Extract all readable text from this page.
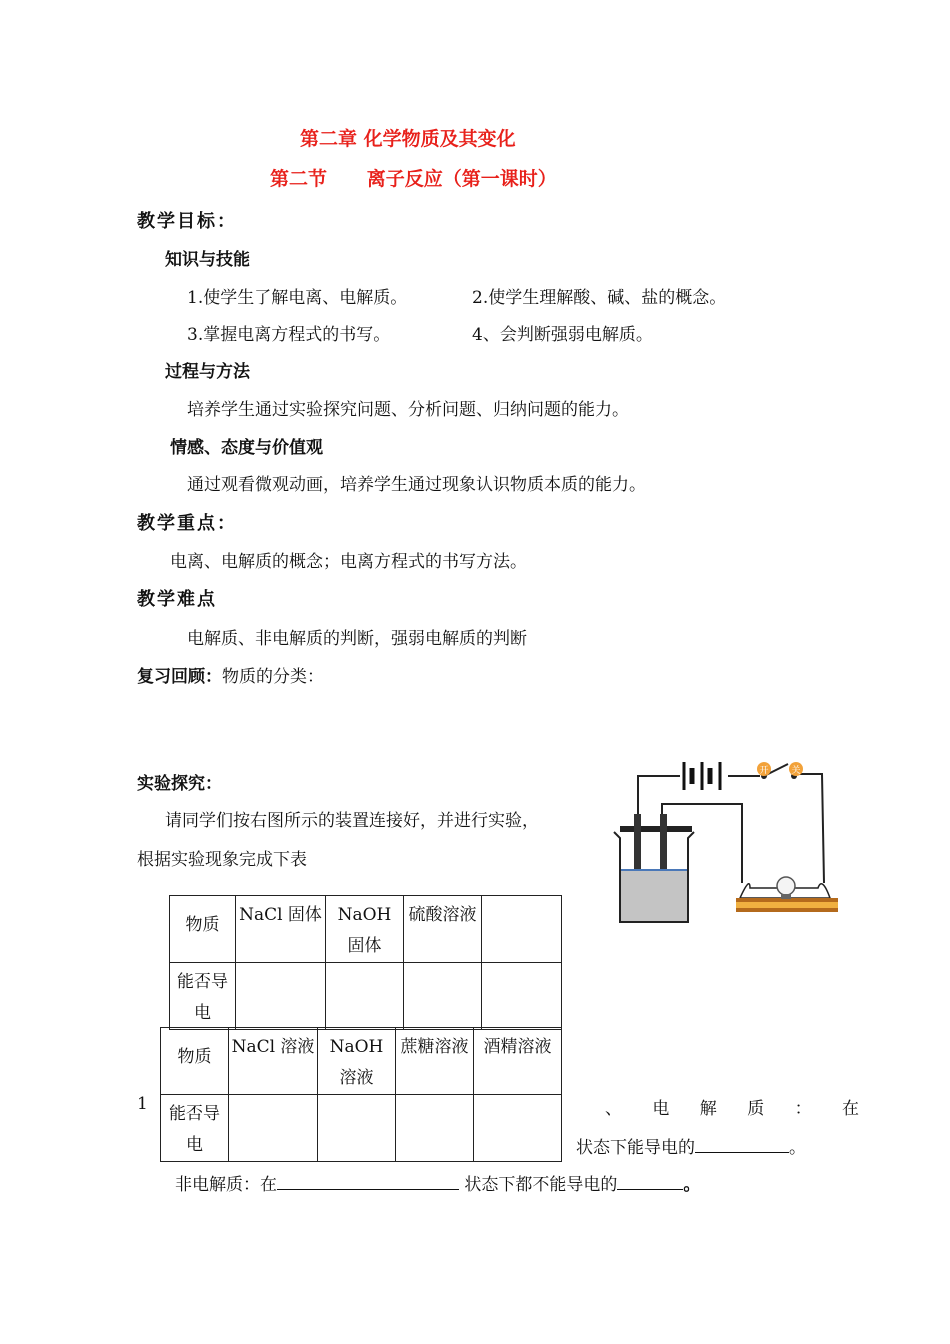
第二章 化学物质及其变化
第二节      离子反应（第一课时）
教学目标：
知识与技能
1.使学生了解电离、电解质。	2.使学生理解酸、碱、盐的概念。
3.掌握电离方程式的书写。	4、会判断强弱电解质。
过程与方法
培养学生通过实验探究问题、分析问题、归纳问题的能力。
情感、态度与价值观
通过观看微观动画，培养学生通过现象认识物质本质的能力。
教学重点：
电离、电解质的概念；电离方程式的书写方法。
教学难点
电解质、非电解质的判断，强弱电解质的判断
复习回顾：物质的分类：
实验探究：
请同学们按右图所示的装置连接好，并进行实验，
根据实验现象完成下表
开	关
物质	NaCl 固体	NaOH 固体	硫酸溶液	
能否导电				
物质	NaCl 溶液	NaOH 溶液	蔗糖溶液	酒精溶液
能否导电				
1	、 电 解 质 ： 在
状态下能导电的	。
非电解质：在	状态下都不能导电的	。
